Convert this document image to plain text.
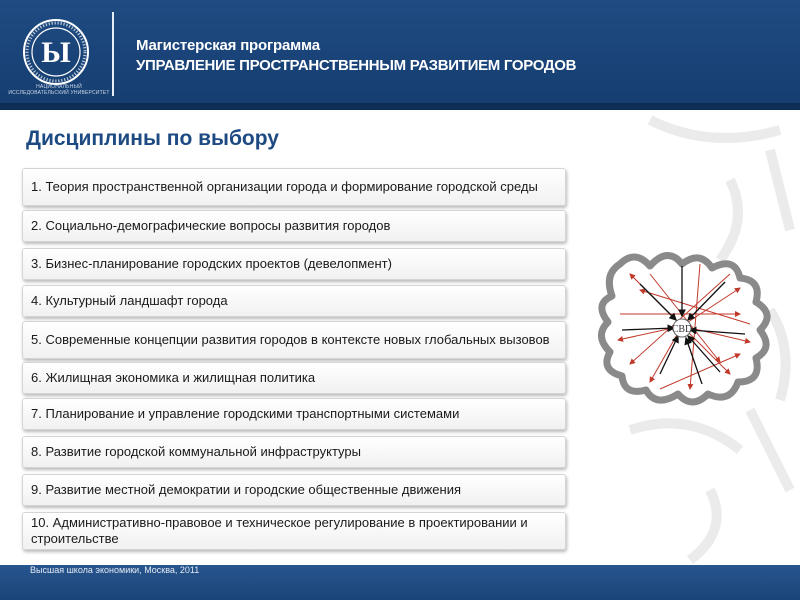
Ы
НАЦИОНАЛЬНЫЙ ИССЛЕДОВАТЕЛЬСКИЙ УНИВЕРСИТЕТ
Магистерская программа
УПРАВЛЕНИЕ ПРОСТРАНСТВЕННЫМ РАЗВИТИЕМ ГОРОДОВ
Дисциплины по выбору
1. Теория пространственной организации города и формирование городской среды
2. Социально-демографические вопросы развития городов
3. Бизнес-планирование городских проектов (девелопмент)
4. Культурный ландшафт города
5. Современные концепции развития городов в контексте новых глобальных вызовов
6. Жилищная экономика и жилищная политика
7. Планирование и управление городскими транспортными системами
8. Развитие городской коммунальной инфраструктуры
9. Развитие местной демократии и городские общественные движения
10. Административно-правовое и техническое регулирование в проектировании и строительстве
CBD
Высшая школа экономики, Москва, 2011
